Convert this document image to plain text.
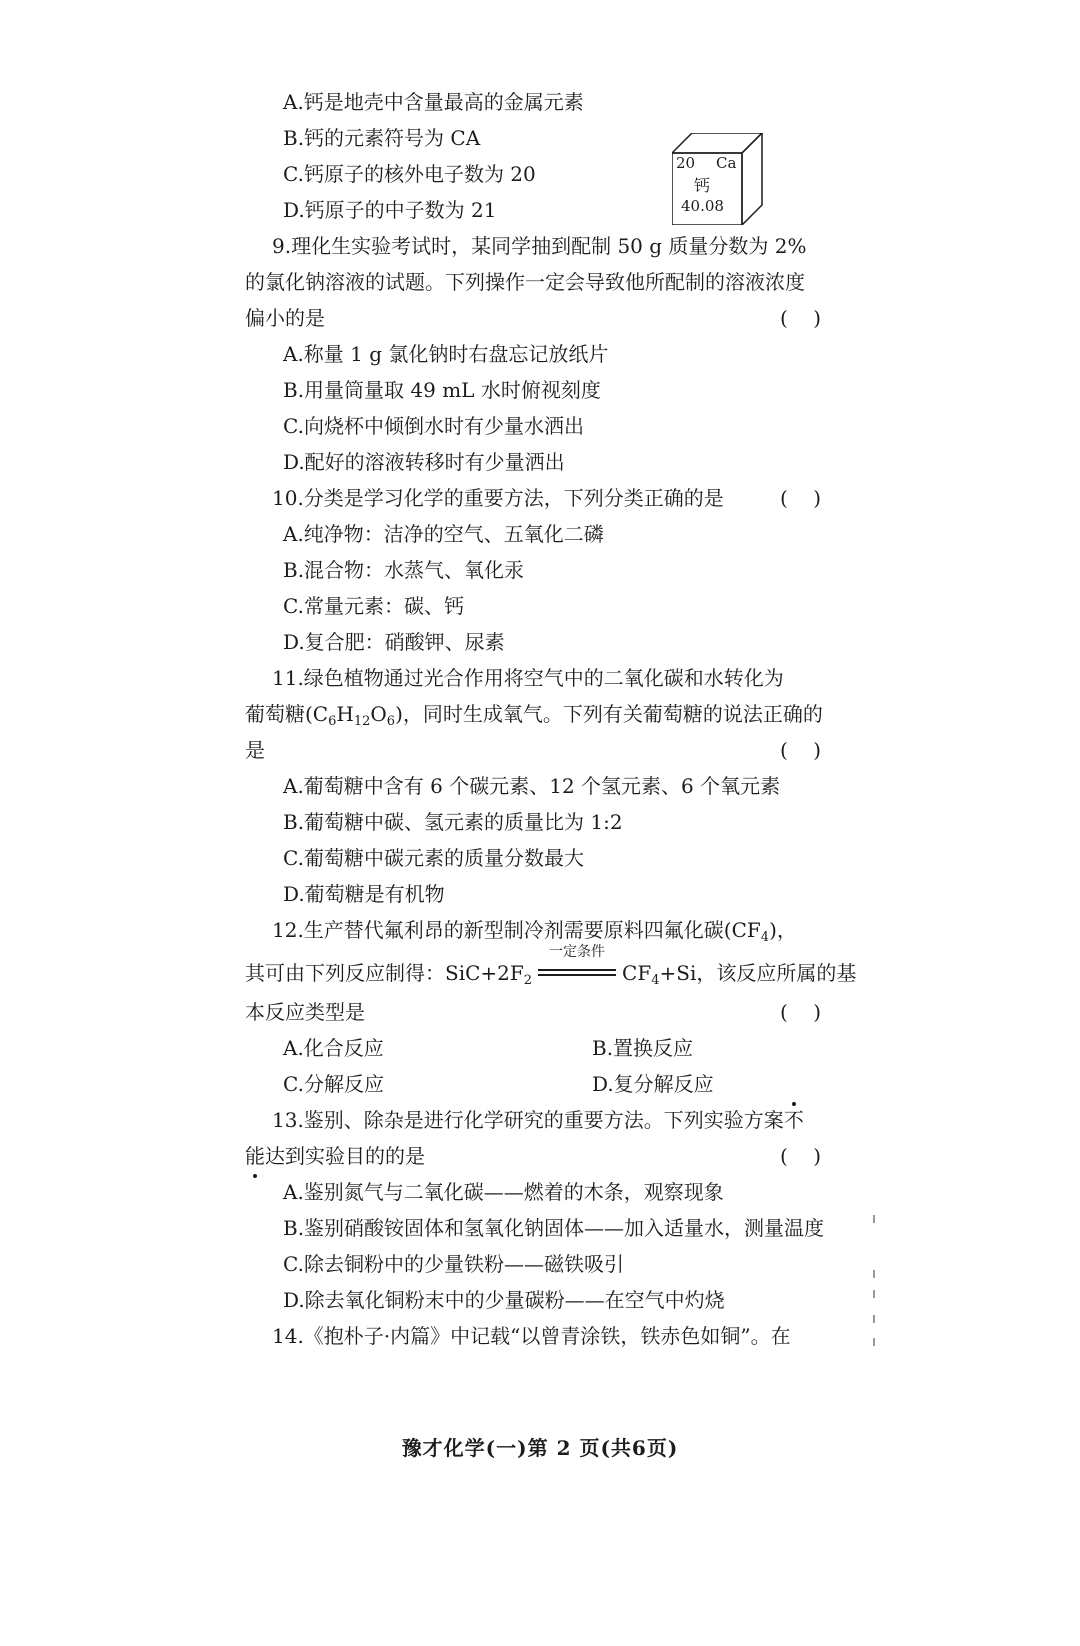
A.钙是地壳中含量最高的金属元素
B.钙的元素符号为 CA
C.钙原子的核外电子数为 20
D.钙原子的中子数为 21
20 Ca
钙
40.08
9.理化生实验考试时，某同学抽到配制 50 g 质量分数为 2%
的氯化钠溶液的试题。下列操作一定会导致他所配制的溶液浓度
偏小的是	(    )
A.称量 1 g 氯化钠时右盘忘记放纸片
B.用量筒量取 49 mL 水时俯视刻度
C.向烧杯中倾倒水时有少量水洒出
D.配好的溶液转移时有少量洒出
10.分类是学习化学的重要方法，下列分类正确的是	(    )
A.纯净物：洁净的空气、五氧化二磷
B.混合物：水蒸气、氧化汞
C.常量元素：碳、钙
D.复合肥：硝酸钾、尿素
11.绿色植物通过光合作用将空气中的二氧化碳和水转化为
葡萄糖$(C_6H_{12}O_6)$，同时生成氧气。下列有关葡萄糖的说法正确的
是	(    )
A.葡萄糖中含有 6 个碳元素、12 个氢元素、6 个氧元素
B.葡萄糖中碳、氢元素的质量比为 1:2
C.葡萄糖中碳元素的质量分数最大
D.葡萄糖是有机物
12.生产替代氟利昂的新型制冷剂需要原料四氟化碳$(CF_4)$，
其可由下列反应制得：$SiC+2F_2$
一定条件
$CF_4+Si$，该反应所属的基
本反应类型是	(    )
A.化合反应	B.置换反应
C.分解反应	D.复分解反应
13.鉴别、除杂是进行化学研究的重要方法。下列实验方案不
能达到实验目的的是	(    )
A.鉴别氮气与二氧化碳——燃着的木条，观察现象
B.鉴别硝酸铵固体和氢氧化钠固体——加入适量水，测量温度
C.除去铜粉中的少量铁粉——磁铁吸引
D.除去氧化铜粉末中的少量碳粉——在空气中灼烧
14.《抱朴子·内篇》中记载“以曾青涂铁，铁赤色如铜”。在
豫才化学(一)第 2 页(共6页)
